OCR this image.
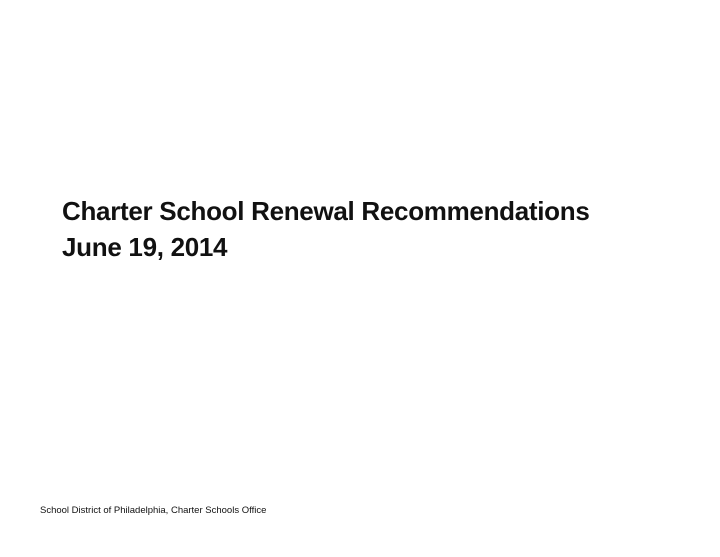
Charter School Renewal Recommendations
June 19, 2014
School District of Philadelphia, Charter Schools Office
